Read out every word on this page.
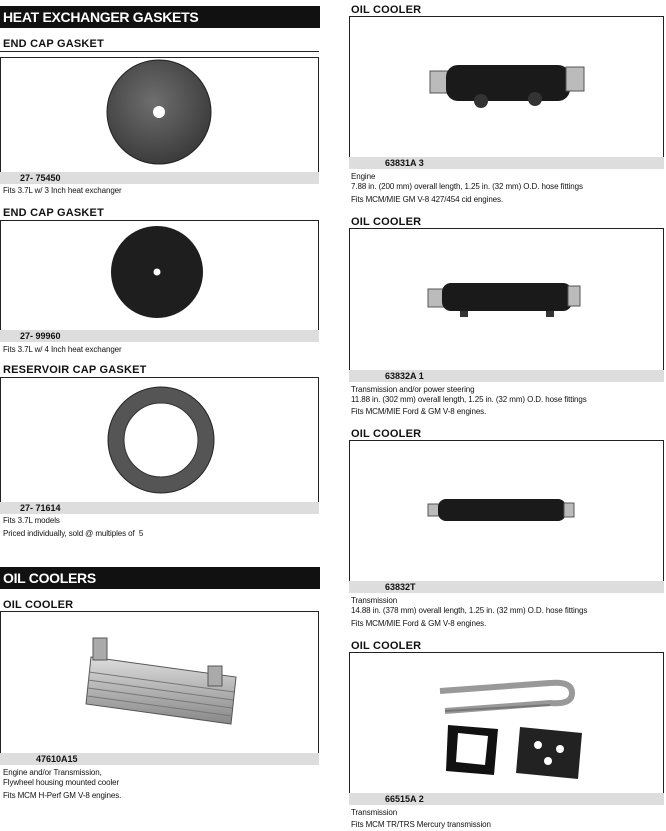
HEAT EXCHANGER GASKETS
END CAP GASKET
27- 75450
Fits 3.7L w/ 3 Inch heat exchanger
END CAP GASKET
27- 99960
Fits 3.7L w/ 4 Inch heat exchanger
RESERVOIR CAP GASKET
27- 71614
Fits 3.7L models
Priced individually, sold @ multiples of  5
OIL COOLERS
OIL COOLER
47610A15
Engine and/or Transmission,
Flywheel housing mounted cooler
Fits MCM H-Perf GM V-8 engines.
OIL COOLER
63831A 3
Engine
7.88 in. (200 mm) overall length, 1.25 in. (32 mm) O.D. hose fittings
Fits MCM/MIE GM V-8 427/454 cid engines.
OIL COOLER
63832A 1
Transmission and/or power steering
11.88 in. (302 mm) overall length, 1.25 in. (32 mm) O.D. hose fittings
Fits MCM/MIE Ford & GM V-8 engines.
OIL COOLER
63832T
Transmission
14.88 in. (378 mm) overall length, 1.25 in. (32 mm) O.D. hose fittings
Fits MCM/MIE Ford & GM V-8 engines.
OIL COOLER
66515A 2
Transmission
Fits MCM TR/TRS Mercury transmission
